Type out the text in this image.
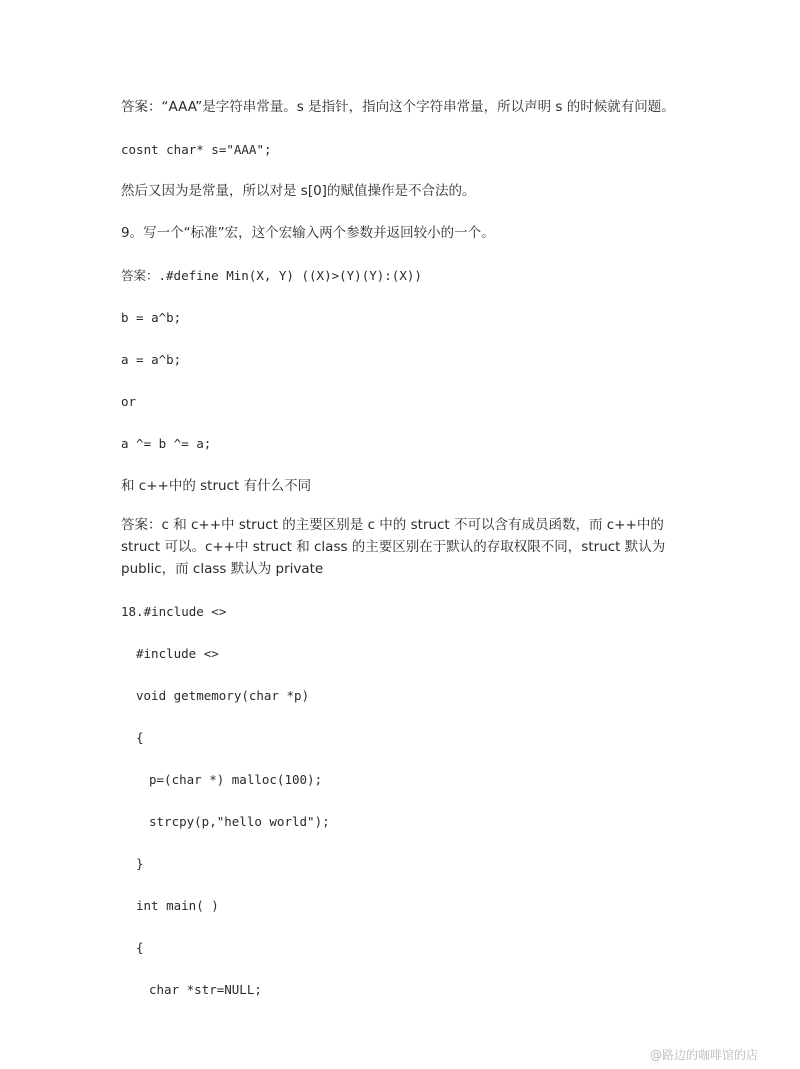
答案：“AAA”是字符串常量。s 是指针，指向这个字符串常量，所以声明 s 的时候就有问题。
cosnt char* s="AAA";
然后又因为是常量，所以对是 s[0]的赋值操作是不合法的。
9。写一个“标准”宏，这个宏输入两个参数并返回较小的一个。
答案：.#define Min(X, Y) ((X)>(Y)(Y):(X))
b = a^b;
a = a^b;
or
a ^= b ^= a;
和 c++中的 struct 有什么不同
答案：c 和 c++中 struct 的主要区别是 c 中的 struct 不可以含有成员函数，而 c++中的 struct 可以。c++中 struct 和 class 的主要区别在于默认的存取权限不同，struct 默认为 public，而 class 默认为 private
18.#include <>
#include <>
void getmemory(char *p)
{
p=(char *) malloc(100);
strcpy(p,"hello world");
}
int main( )
{
char *str=NULL;
@路边的咖啡馆的店
